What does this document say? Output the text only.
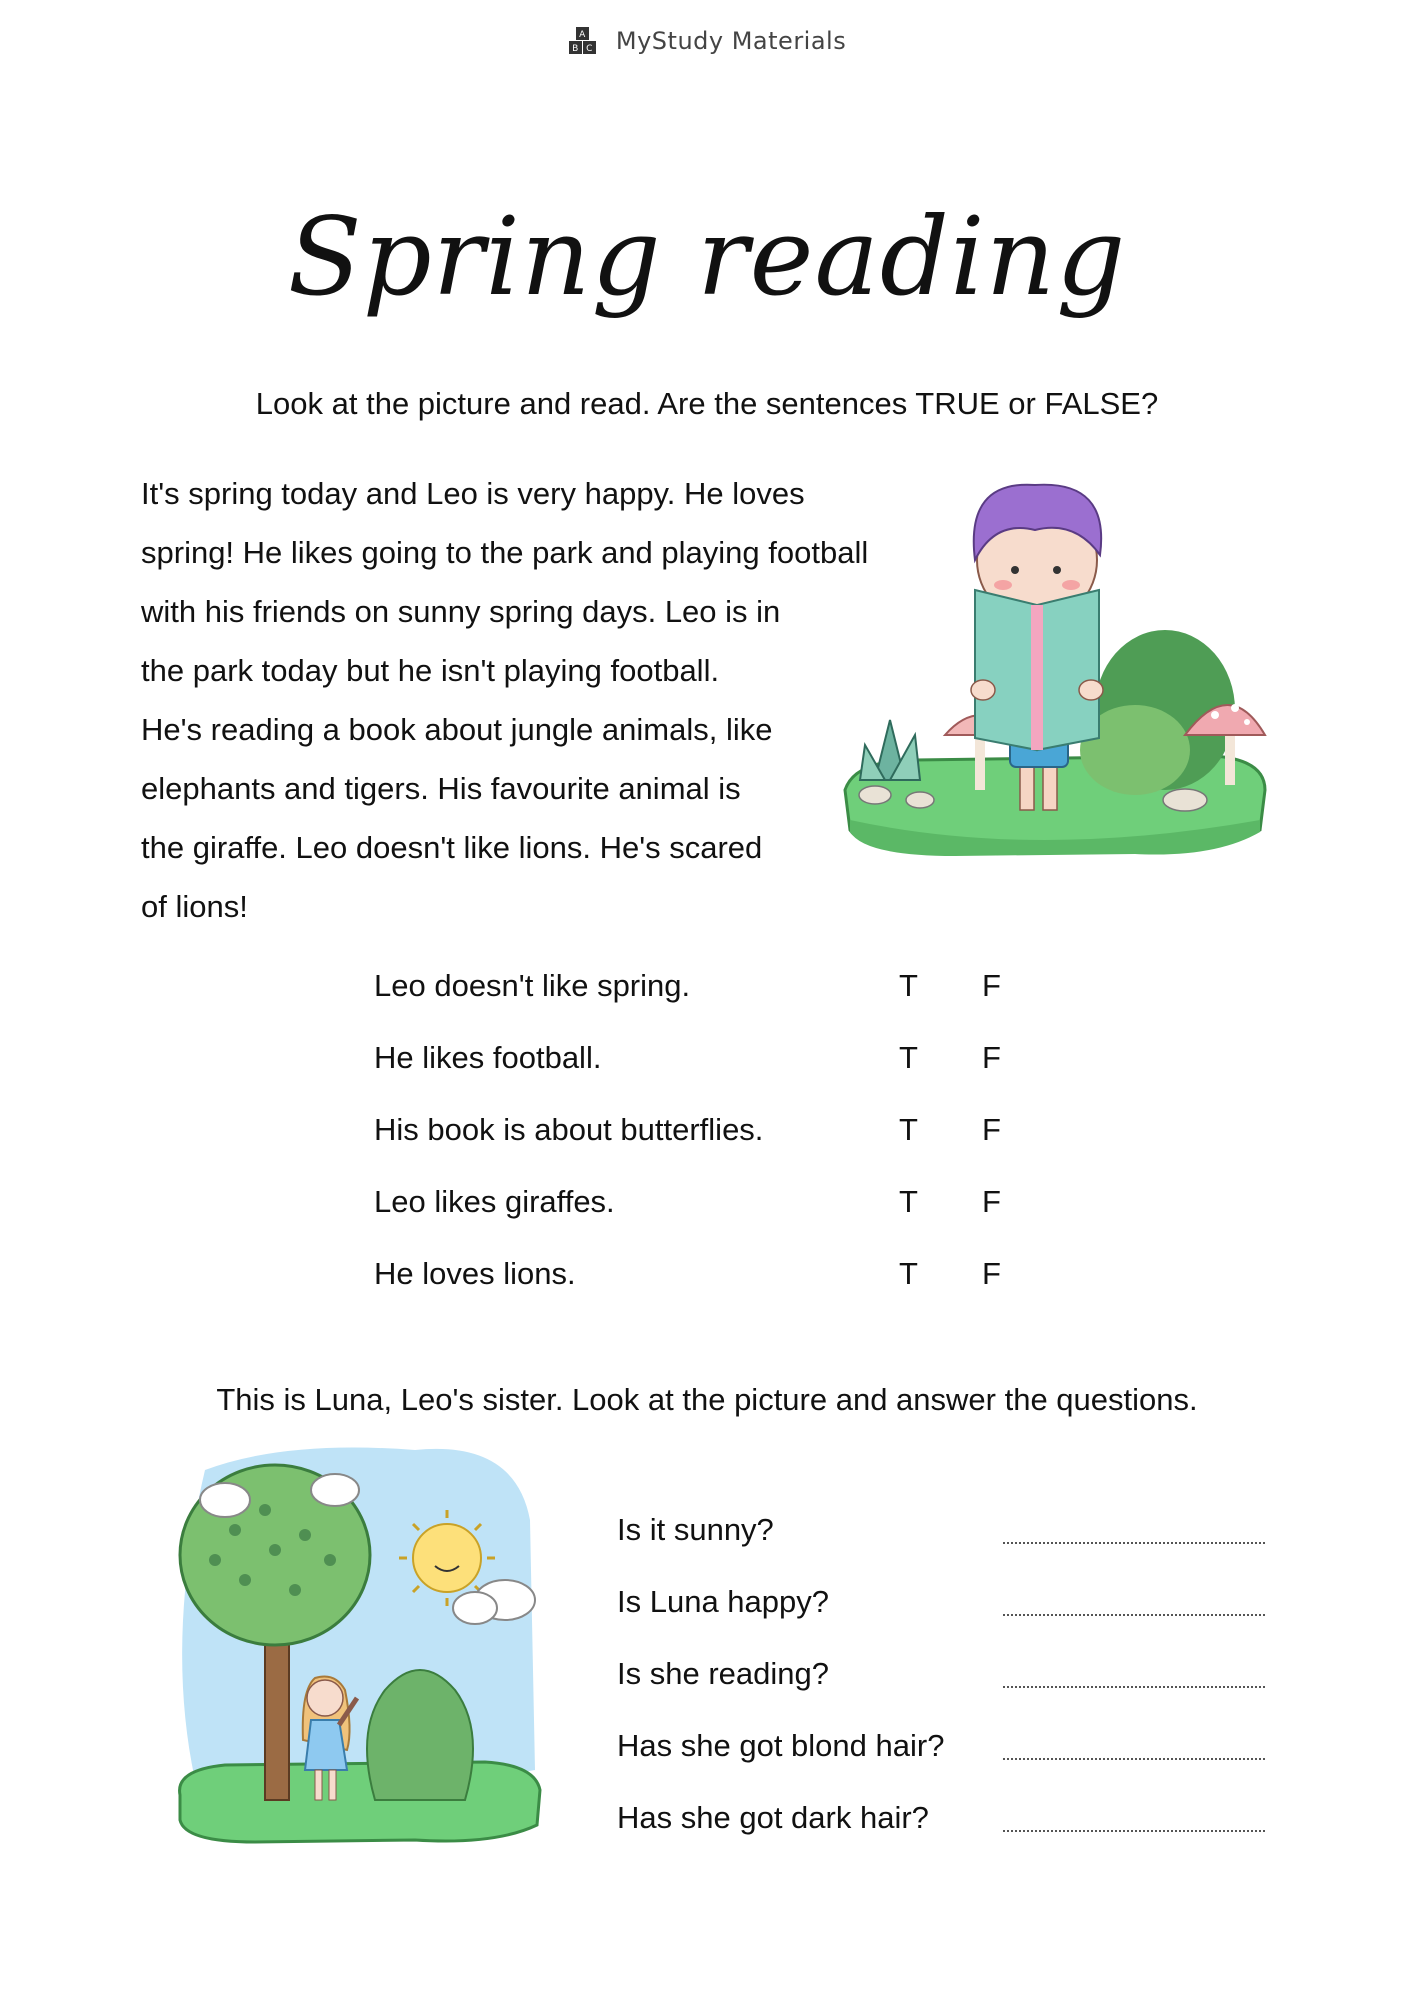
A
B C MyStudy Materials
Spring reading
Look at the picture and read. Are the sentences TRUE or FALSE?

It's spring today and Leo is very happy. He loves

spring! He likes going to the park and playing football

with his friends on sunny spring days. Leo is in

the park today but he isn't playing football.

He's reading a book about jungle animals, like

elephants and tigers. His favourite animal is

the giraffe. Leo doesn't like lions. He's scared

of lions!

Leo doesn't like spring.	T F
He likes football.	T F
His book is about butterflies.	T F
Leo likes giraffes.	T F
He loves lions.	T F
This is Luna, Leo's sister. Look at the picture and answer the questions.
Is it sunny?
Is Luna happy?
Is she reading?
Has she got blond hair?
Has she got dark hair?
